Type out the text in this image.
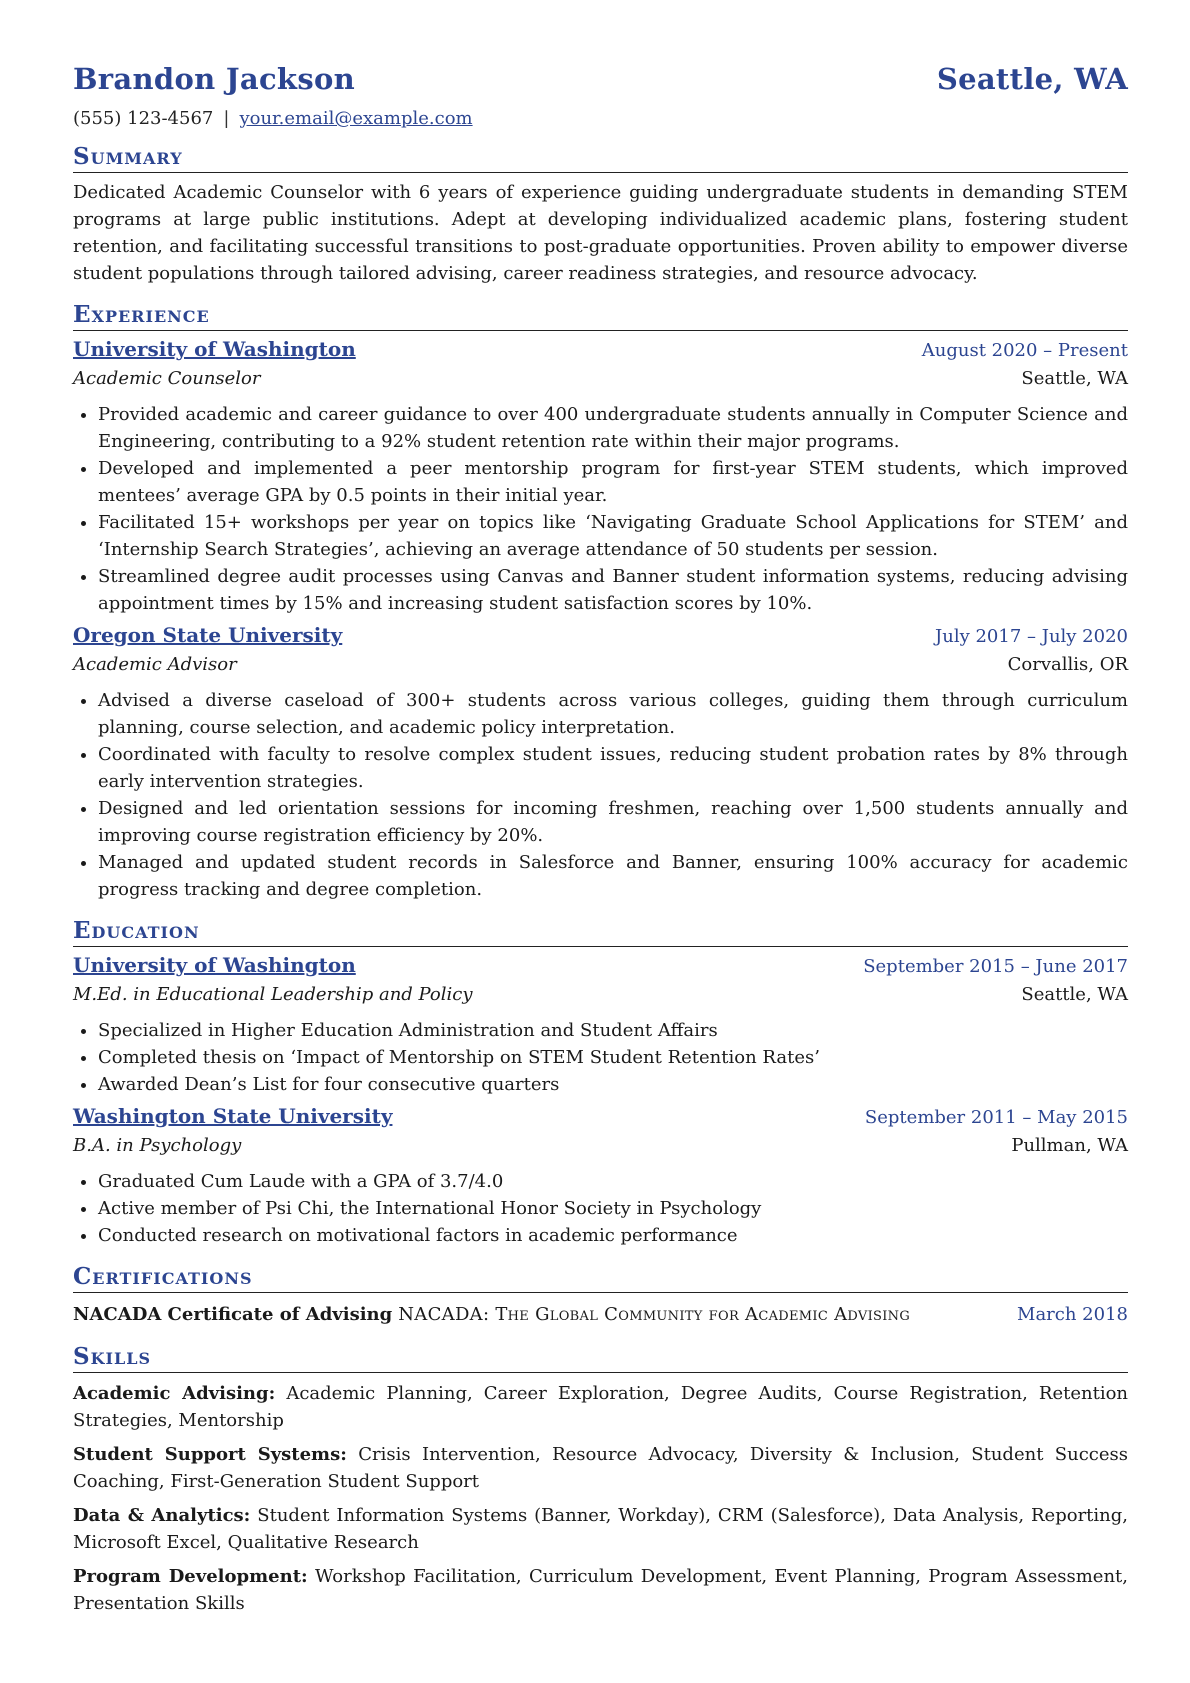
Brandon Jackson	Seattle, WA
(555) 123-4567 | your.email@example.com
Summary
Dedicated Academic Counselor with 6 years of experience guiding undergraduate students in demanding STEM programs at large public institutions. Adept at developing individualized academic plans, fostering student retention, and facilitating successful transitions to post-graduate opportunities. Proven ability to empower diverse student populations through tailored advising, career readiness strategies, and resource advocacy.
Experience
University of Washington	August 2020 – Present
Academic Counselor	Seattle, WA
• Provided academic and career guidance to over 400 undergraduate students annually in Computer Science and Engineering, contributing to a 92% student retention rate within their major programs.
• Developed and implemented a peer mentorship program for first-year STEM students, which improved mentees’ average GPA by 0.5 points in their initial year.
• Facilitated 15+ workshops per year on topics like ‘Navigating Graduate School Applications for STEM’ and ‘Internship Search Strategies’, achieving an average attendance of 50 students per session.
• Streamlined degree audit processes using Canvas and Banner student information systems, reducing advising appointment times by 15% and increasing student satisfaction scores by 10%.
Oregon State University	July 2017 – July 2020
Academic Advisor	Corvallis, OR
• Advised a diverse caseload of 300+ students across various colleges, guiding them through curriculum planning, course selection, and academic policy interpretation.
• Coordinated with faculty to resolve complex student issues, reducing student probation rates by 8% through early intervention strategies.
• Designed and led orientation sessions for incoming freshmen, reaching over 1,500 students annually and improving course registration efficiency by 20%.
• Managed and updated student records in Salesforce and Banner, ensuring 100% accuracy for academic progress tracking and degree completion.
Education
University of Washington	September 2015 – June 2017
M.Ed. in Educational Leadership and Policy	Seattle, WA
• Specialized in Higher Education Administration and Student Affairs
• Completed thesis on ‘Impact of Mentorship on STEM Student Retention Rates’
• Awarded Dean’s List for four consecutive quarters
Washington State University	September 2011 – May 2015
B.A. in Psychology	Pullman, WA
• Graduated Cum Laude with a GPA of 3.7/4.0
• Active member of Psi Chi, the International Honor Society in Psychology
• Conducted research on motivational factors in academic performance
Certifications
NACADA Certificate of Advising NACADA: The Global Community for Academic Advising	March 2018
Skills
Academic Advising: Academic Planning, Career Exploration, Degree Audits, Course Registration, Retention Strategies, Mentorship
Student Support Systems: Crisis Intervention, Resource Advocacy, Diversity & Inclusion, Student Success Coaching, First-Generation Student Support
Data & Analytics: Student Information Systems (Banner, Workday), CRM (Salesforce), Data Analysis, Reporting, Microsoft Excel, Qualitative Research
Program Development: Workshop Facilitation, Curriculum Development, Event Planning, Program Assessment, Presentation Skills
